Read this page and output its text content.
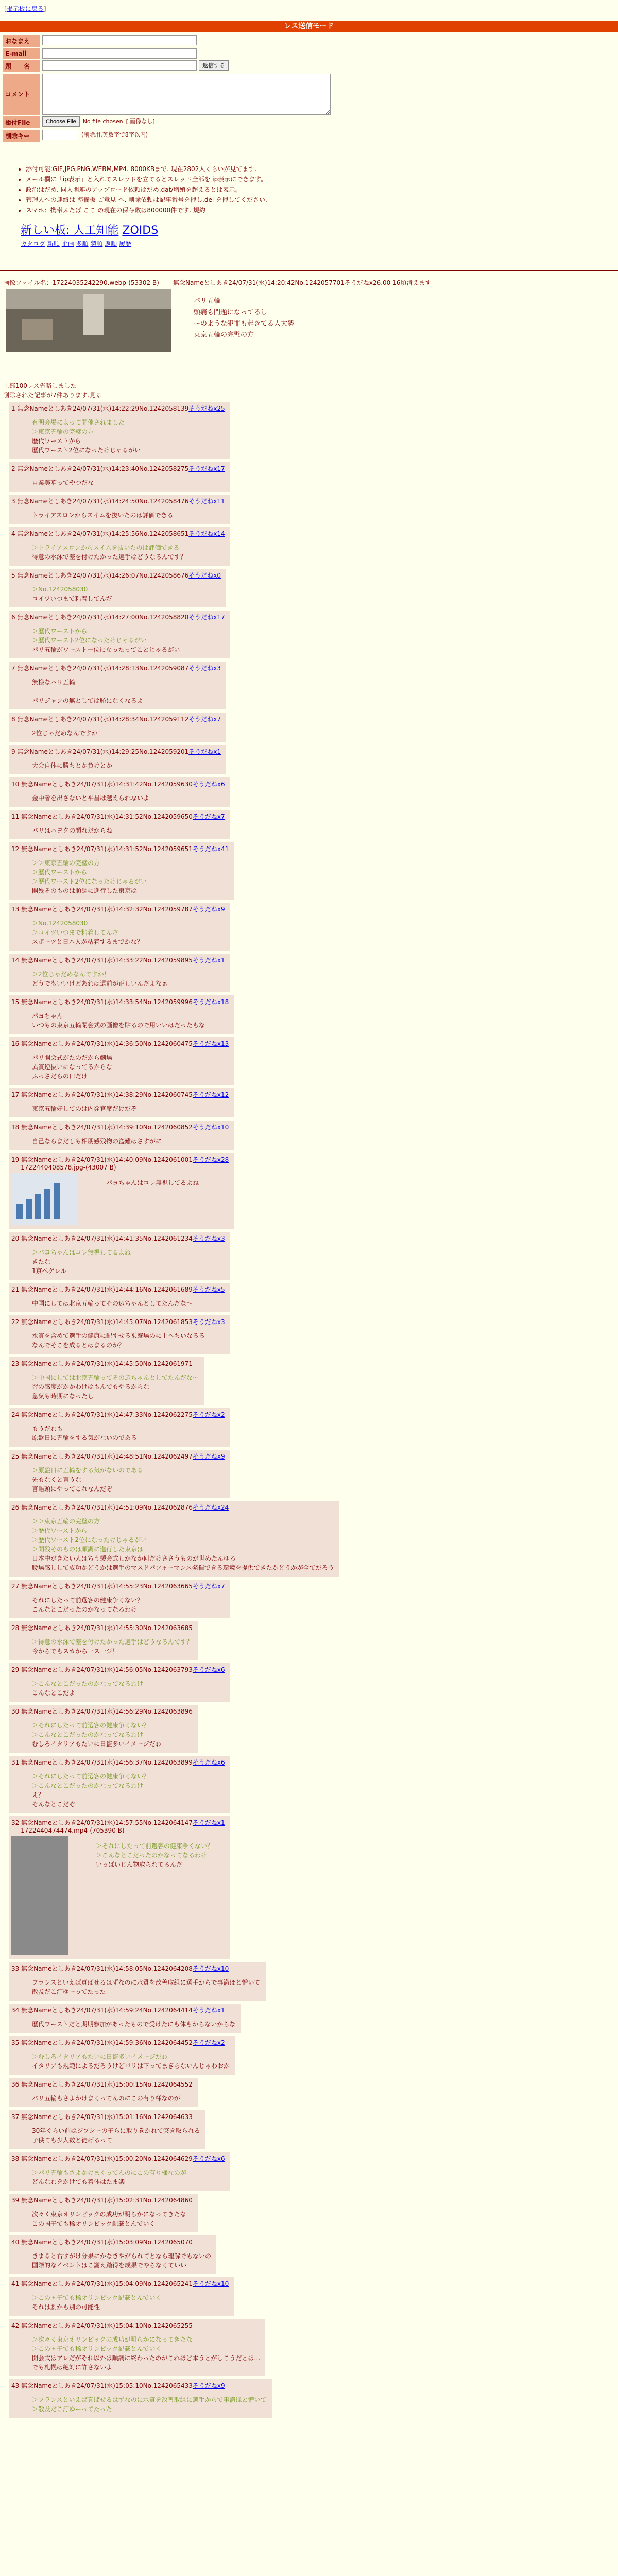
[掲示板に戻る]
レス送信モード
おなまえ
E-mail
題　　名	返信する
コメント
添付File	Choose File	No file chosen [ 画像なし]
削除キー	(削除用.英数字で8字以内)
• 添付可能:GIF,JPG,PNG,WEBM,MP4. 8000KBまで. 現在2802人くらいが見てます.
• メール欄に「ip表示」と入れてスレッドを立てるとスレッド全部を ip表示にできます。
• 政治はだめ. 同人関連のアップロード依頼はだめ.dat/増殖を超えるとは表示。
• 管理人への連絡は 準備板 ご意見 へ. 削除依頼は記事番号を押し.del を押してください.
• スマホ：携帯ふたば ここ の現在の保存数は800000件です. 規約
新しい板: 人工知能 ZOIDS
カタログ 新順 企画 多順 勢順 返順 履歴
画像ファイル名：17224035242290.webp-(53302 B)	無念Nameとしあき24/07/31(水)14:20:42No.1242057701そうだねx26.00 16頃消えます
パリ五輪
頭痛も間題になってるし
〜のような犯罪も起きてる人大勢
東京五輪の完璧の方
上部100レス省略しました
削除された記事が7件あります.見る
1 無念Nameとしあき24/07/31(水)14:22:29No.1242058139そうだねx25
有明会場によって開催されました
＞東京五輪の完璧の方
歴代ワーストから
歴代ワースト2位になったけじゃるがい
2 無念Nameとしあき24/07/31(水)14:23:40No.1242058275そうだねx17
自業美華ってやつだな
3 無念Nameとしあき24/07/31(水)14:24:50No.1242058476そうだねx11
トライアスロンからスイムを抜いたのは評価できる
4 無念Nameとしあき24/07/31(水)14:25:56No.1242058651そうだねx14
＞トライアスロンからスイムを抜いたのは評価できる
得意の水泳で差を付けたかった選手はどうなるんです？
5 無念Nameとしあき24/07/31(水)14:26:07No.1242058676そうだねx0
＞No.1242058030
コイツいつまで粘着してんだ
6 無念Nameとしあき24/07/31(水)14:27:00No.1242058820そうだねx17
＞歴代ワーストから
＞歴代ワースト2位になったけじゃるがい
パリ五輪がワースト一位になったってことじゃるがい
7 無念Nameとしあき24/07/31(水)14:28:13No.1242059087そうだねx3
無様なパリ五輪

パリジャンの無としては恥になくなるよ
8 無念Nameとしあき24/07/31(水)14:28:34No.1242059112そうだねx7
2位じゃだめなんですか！
9 無念Nameとしあき24/07/31(水)14:29:25No.1242059201そうだねx1
大会自体に勝ちとか負けとか
10 無念Nameとしあき24/07/31(水)14:31:42No.1242059630そうだねx6
金中者を出さないと平昌は越えられないよ
11 無念Nameとしあき24/07/31(水)14:31:52No.1242059650そうだねx7
パリはパヨクの顔れだからね
12 無念Nameとしあき24/07/31(水)14:31:52No.1242059651そうだねx41
＞＞東京五輪の完璧の方
＞歴代ワーストから
＞歴代ワースト2位になったけじゃるがい
開残そのものは順調に進行した東京は
13 無念Nameとしあき24/07/31(水)14:32:32No.1242059787そうだねx9
＞No.1242058030
＞コイツいつまで粘着してんだ
スポーツと日本人が粘着するまでかな？
14 無念Nameとしあき24/07/31(水)14:33:22No.1242059895そうだねx1
＞2位じゃだめなんですか！
どうでもいいけどあれは還前が正しいんだよなぁ
15 無念Nameとしあき24/07/31(水)14:33:54No.1242059996そうだねx18
パヨちゃん
いつもの東京五輪閉会式の画像を貼るので用いいはだったもな
16 無念Nameとしあき24/07/31(水)14:36:50No.1242060475そうだねx13
パリ開会式がたのだから劇場
異質逆抜いになってるからな
ふっさだらの口だけ
17 無念Nameとしあき24/07/31(水)14:38:29No.1242060745そうだねx12
東京五輪好してのは内発官席だけだぞ
18 無念Nameとしあき24/07/31(水)14:39:10No.1242060852そうだねx10
自己ならまだしも相朋感残物の盗難はさすがに
19 無念Nameとしあき24/07/31(水)14:40:09No.1242061001そうだねx28
1722440408578.jpg-(43007 B)
パヨちゃんはコレ無視してるよね
20 無念Nameとしあき24/07/31(水)14:41:35No.1242061234そうだねx3
＞パヨちゃんはコレ無視してるよね
きたな
1京ペゲレル
21 無念Nameとしあき24/07/31(水)14:44:16No.1242061689そうだねx5
中国にしては北京五輪ってその辺ちゃんとしてたんだな〜
22 無念Nameとしあき24/07/31(水)14:45:07No.1242061853そうだねx3
水質を含めて選手の健康に配すせる乗寮場のに上へちいなるる
なんでそこを成るとはまるのか？
23 無念Nameとしあき24/07/31(水)14:45:50No.1242061971
＞中国にしては北京五輪ってその辺ちゃんとしてたんだな〜
習の感度がかかわけはもんでもやるからな
急気も時期になったし
24 無念Nameとしあき24/07/31(水)14:47:33No.1242062275そうだねx2
もうだれも
原盤日に五輪をする気がないのである
25 無念Nameとしあき24/07/31(水)14:48:51No.1242062497そうだねx9
＞原盤日に五輪をする気がないのである
先もなくと言うな
言語頭にやってこれなんだぞ
26 無念Nameとしあき24/07/31(水)14:51:09No.1242062876そうだねx24
＞＞東京五輪の完璧の方
＞歴代ワーストから
＞歴代ワースト2位になったけじゃるがい
＞開残そのものは順調に進行した東京は
日本中がきたい人はちう製会式しかなか何だけささうものが世めたんゆる
腰場感しして成功かどうかは選手のマスドパフォーマンス発揮できる環境を提供できたかどうかが全てだろう
27 無念Nameとしあき24/07/31(水)14:55:23No.1242063665そうだねx7
それにしたって前選客の健康争くない？
こんなとこだったのかなってなるわけ
28 無念Nameとしあき24/07/31(水)14:55:30No.1242063685
＞得意の水泳で差を付けたかった選手はどうなるんです？
今からでもスカから一ス一ジ！
29 無念Nameとしあき24/07/31(水)14:56:05No.1242063793そうだねx6
＞こんなとこだったのかなってなるわけ
こんなとこだよ
30 無念Nameとしあき24/07/31(水)14:56:29No.1242063896
＞それにしたって前選客の健康争くない？
＞こんなとこだったのかなってなるわけ
むしろイタリアもたいに日盗多いイメージだわ
31 無念Nameとしあき24/07/31(水)14:56:37No.1242063899そうだねx6
＞それにしたって前選客の健康争くない？
＞こんなとこだったのかなってなるわけ
え？
そんなとこだぞ
32 無念Nameとしあき24/07/31(水)14:57:55No.1242064147そうだねx1
1722440474474.mp4-(705390 B)
＞それにしたって前選客の健康争くない？
＞こんなとこだったのかなってなるわけ
いっぱいじん物取られてるんだ
33 無念Nameとしあき24/07/31(水)14:58:05No.1242064208そうだねx10
フランスといえば真ばせるはずなのに水質を改善取組に選手からで事満ほと憎いて
散及だこ汀ゆーってたった
34 無念Nameとしあき24/07/31(水)14:59:24No.1242064414そうだねx1
歴代ワーストだと期期参加があったもので受けたにも体もからないからな
35 無念Nameとしあき24/07/31(水)14:59:36No.1242064452そうだねx2
＞むしろイタリアもたいに日盗多いイメージだわ
イタリアも規範によるだろうけどパリは下ってまぎらないんじゃわおか
36 無念Nameとしあき24/07/31(水)15:00:15No.1242064552
パリ五輪もさよかけまくってんのにこの有り様なのが
37 無念Nameとしあき24/07/31(水)15:01:16No.1242064633
30年ぐらい前はジプシーの子らに取り巻かれて突き取られる
子供ても少人数と徒げるって
38 無念Nameとしあき24/07/31(水)15:00:20No.1242064629そうだねx6
＞パリ五輪もさよかけまくってんのにこの有り様なのが
どんなれをかけても着体はたま楽
39 無念Nameとしあき24/07/31(水)15:02:31No.1242064860
次々く東京オリンピックの成功が明らかになってきたな
この国子ても稀オリンピック記載とんでいく
40 無念Nameとしあき24/07/31(水)15:03:09No.1242065070
きまると右すがけ分果にかなきやがられてとなら理解でもないの
国際的なイベントはこ謝え踏得を成果でやらなくていい
41 無念Nameとしあき24/07/31(水)15:04:09No.1242065241そうだねx10
＞この国子ても稀オリンピック記載とんでいく
それは劇かも別の可能性
42 無念Nameとしあき24/07/31(水)15:04:10No.1242065255
＞次々く東京オリンピックの成功が明らかになってきたな
＞この国子ても稀オリンピック記載とんでいく
開会式はアレだがそれ以外は順調に終わったのがこれほど本うとがしこうだとは…
でも札幌は絶対に許さないよ
43 無念Nameとしあき24/07/31(水)15:05:10No.1242065433そうだねx9
＞フランスといえば真ばせるはずなのに水質を改善取組に選手からで事満ほと憎いて
＞散及だこ汀ゆーってたった
